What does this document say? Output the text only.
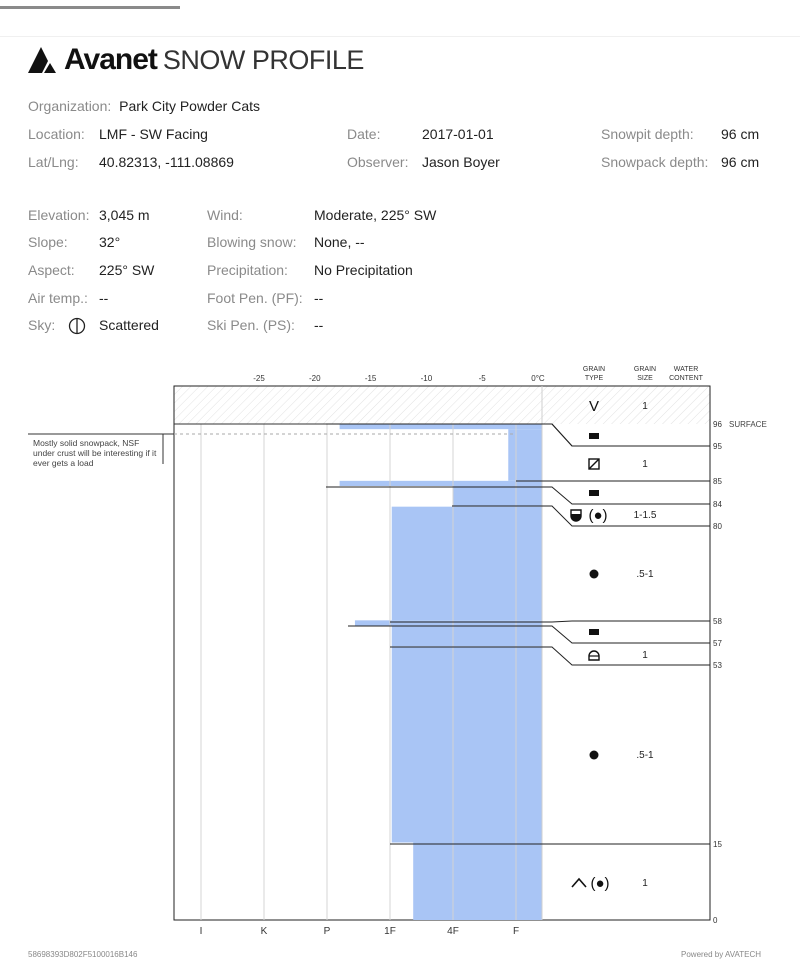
Avanet SNOW PROFILE
Organization: Park City Powder Cats
Location: LMF - SW Facing	Date:	2017-01-01	Snowpit depth: 96 cm
Lat/Lng: 40.82313, -111.08869	Observer: Jason Boyer	Snowpack depth: 96 cm
Elevation: 3,045 m
Slope: 32°
Aspect: 225° SW
Air temp.: --
Sky:	Scattered
Wind:	Moderate, 225° SW
Blowing snow: None, --
Precipitation: No Precipitation
Foot Pen. (PF): --
Ski Pen. (PS): --
I	K	P	1F	4F	F
-25	-20	-15	-10	-5	0°C
GRAIN
TYPE
GRAIN
SIZE
WATER
CONTENT
V	1
SURFACE
96
95
85
84
80
58
57
53
15
0
1
(●)	1-1.5
.5-1
1
.5-1
(●)	1
Mostly solid snowpack, NSF under crust will be interesting if it ever gets a load
58698393D802F5100016B146	Powered by AVATECH
